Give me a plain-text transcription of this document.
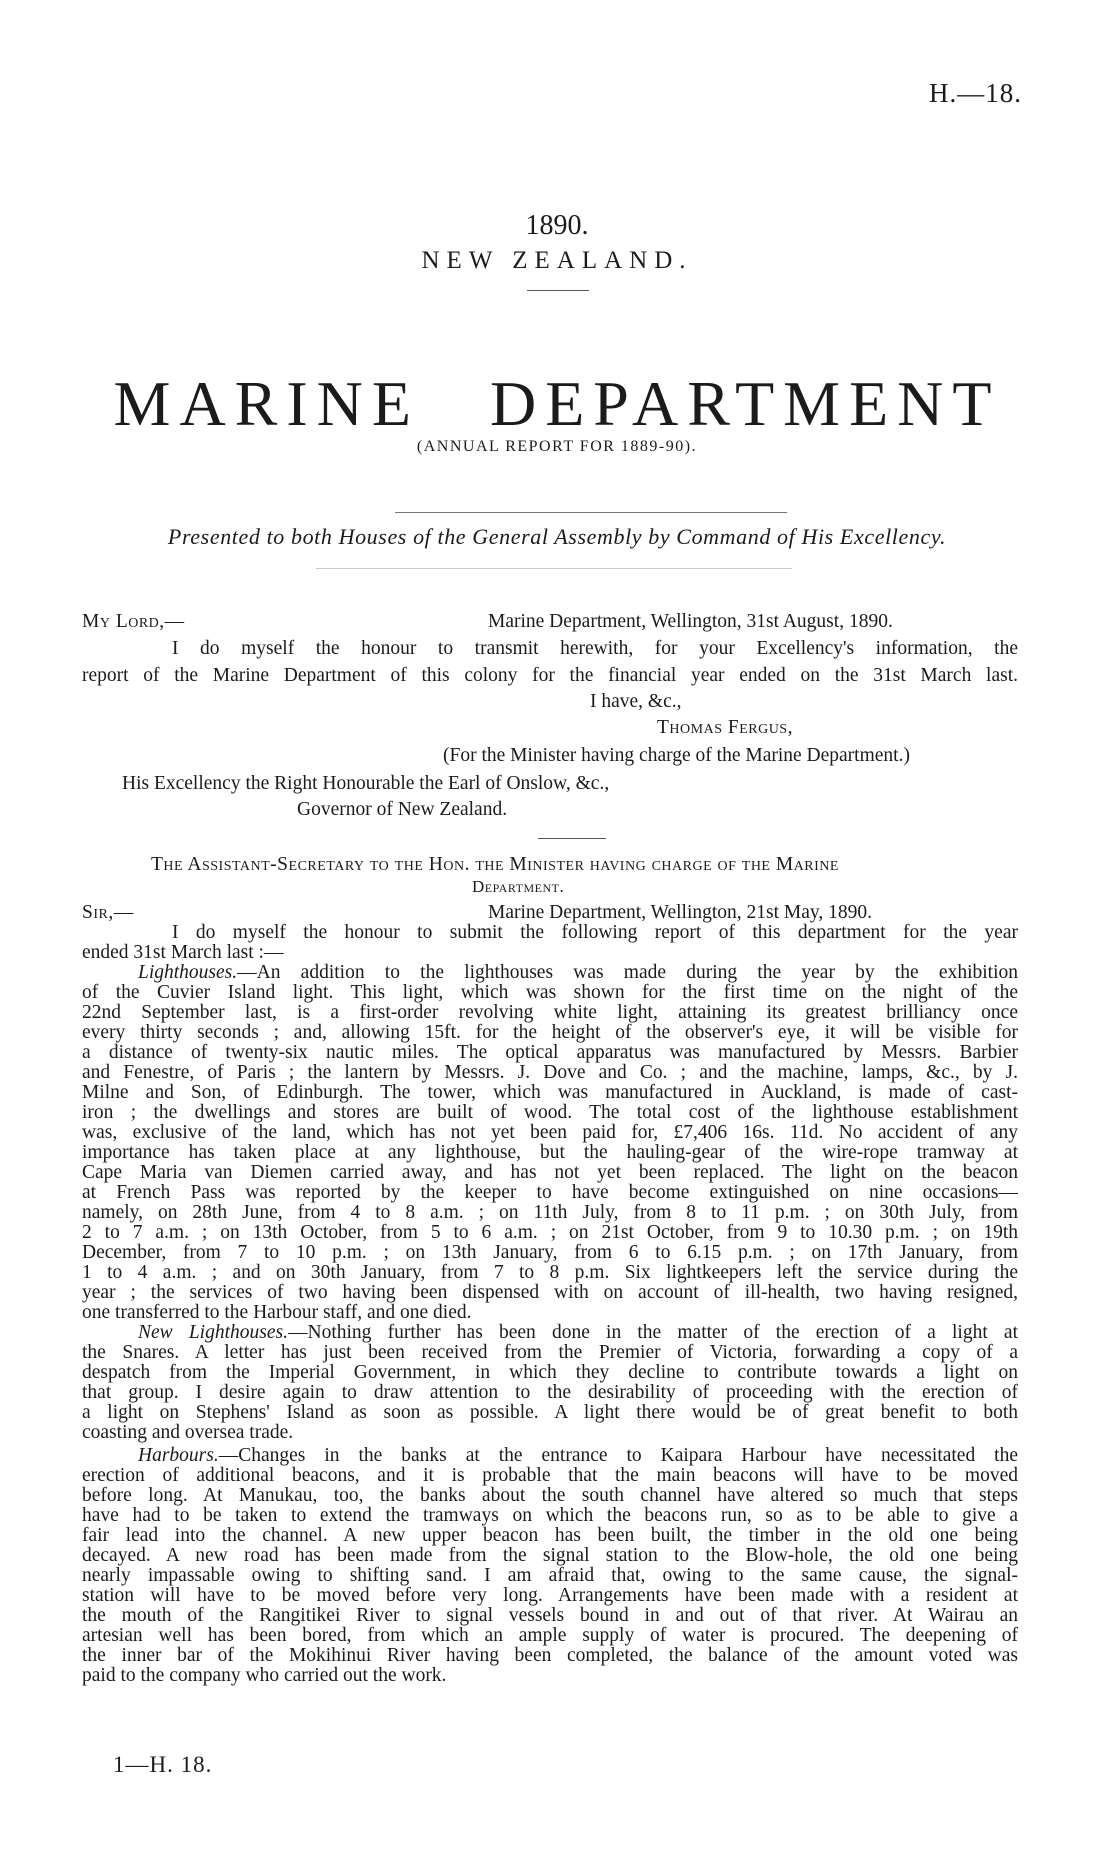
H.—18.
1890.
NEW ZEALAND.
MARINE DEPARTMENT
(ANNUAL REPORT FOR 1889-90).
Presented to both Houses of the General Assembly by Command of His Excellency.
My Lord,—	Marine Department, Wellington, 31st August, 1890.
I do myself the honour to transmit herewith, for your Excellency's information, the
report of the Marine Department of this colony for the financial year ended on the 31st March last.
I have, &c.,
Thomas Fergus,
(For the Minister having charge of the Marine Department.)
His Excellency the Right Honourable the Earl of Onslow, &c.,
Governor of New Zealand.
The Assistant-Secretary to the Hon. the Minister having charge of the Marine
Department.
Sir,—	Marine Department, Wellington, 21st May, 1890.
I do myself the honour to submit the following report of this department for the year
ended 31st March last :—
Lighthouses.—An addition to the lighthouses was made during the year by the exhibition
of the Cuvier Island light. This light, which was shown for the first time on the night of the
22nd September last, is a first-order revolving white light, attaining its greatest brilliancy once
every thirty seconds ; and, allowing 15ft. for the height of the observer's eye, it will be visible for
a distance of twenty-six nautic miles. The optical apparatus was manufactured by Messrs. Barbier
and Fenestre, of Paris ; the lantern by Messrs. J. Dove and Co. ; and the machine, lamps, &c., by J.
Milne and Son, of Edinburgh. The tower, which was manufactured in Auckland, is made of cast-
iron ; the dwellings and stores are built of wood. The total cost of the lighthouse establishment
was, exclusive of the land, which has not yet been paid for, £7,406 16s. 11d. No accident of any
importance has taken place at any lighthouse, but the hauling-gear of the wire-rope tramway at
Cape Maria van Diemen carried away, and has not yet been replaced. The light on the beacon
at French Pass was reported by the keeper to have become extinguished on nine occasions—
namely, on 28th June, from 4 to 8 a.m. ; on 11th July, from 8 to 11 p.m. ; on 30th July, from
2 to 7 a.m. ; on 13th October, from 5 to 6 a.m. ; on 21st October, from 9 to 10.30 p.m. ; on 19th
December, from 7 to 10 p.m. ; on 13th January, from 6 to 6.15 p.m. ; on 17th January, from
1 to 4 a.m. ; and on 30th January, from 7 to 8 p.m. Six lightkeepers left the service during the
year ; the services of two having been dispensed with on account of ill-health, two having resigned,
one transferred to the Harbour staff, and one died.
New Lighthouses.—Nothing further has been done in the matter of the erection of a light at
the Snares. A letter has just been received from the Premier of Victoria, forwarding a copy of a
despatch from the Imperial Government, in which they decline to contribute towards a light on
that group. I desire again to draw attention to the desirability of proceeding with the erection of
a light on Stephens' Island as soon as possible. A light there would be of great benefit to both
coasting and oversea trade.
Harbours.—Changes in the banks at the entrance to Kaipara Harbour have necessitated the
erection of additional beacons, and it is probable that the main beacons will have to be moved
before long. At Manukau, too, the banks about the south channel have altered so much that steps
have had to be taken to extend the tramways on which the beacons run, so as to be able to give a
fair lead into the channel. A new upper beacon has been built, the timber in the old one being
decayed. A new road has been made from the signal station to the Blow-hole, the old one being
nearly impassable owing to shifting sand. I am afraid that, owing to the same cause, the signal-
station will have to be moved before very long. Arrangements have been made with a resident at
the mouth of the Rangitikei River to signal vessels bound in and out of that river. At Wairau an
artesian well has been bored, from which an ample supply of water is procured. The deepening of
the inner bar of the Mokihinui River having been completed, the balance of the amount voted was
paid to the company who carried out the work.
1—H. 18.
